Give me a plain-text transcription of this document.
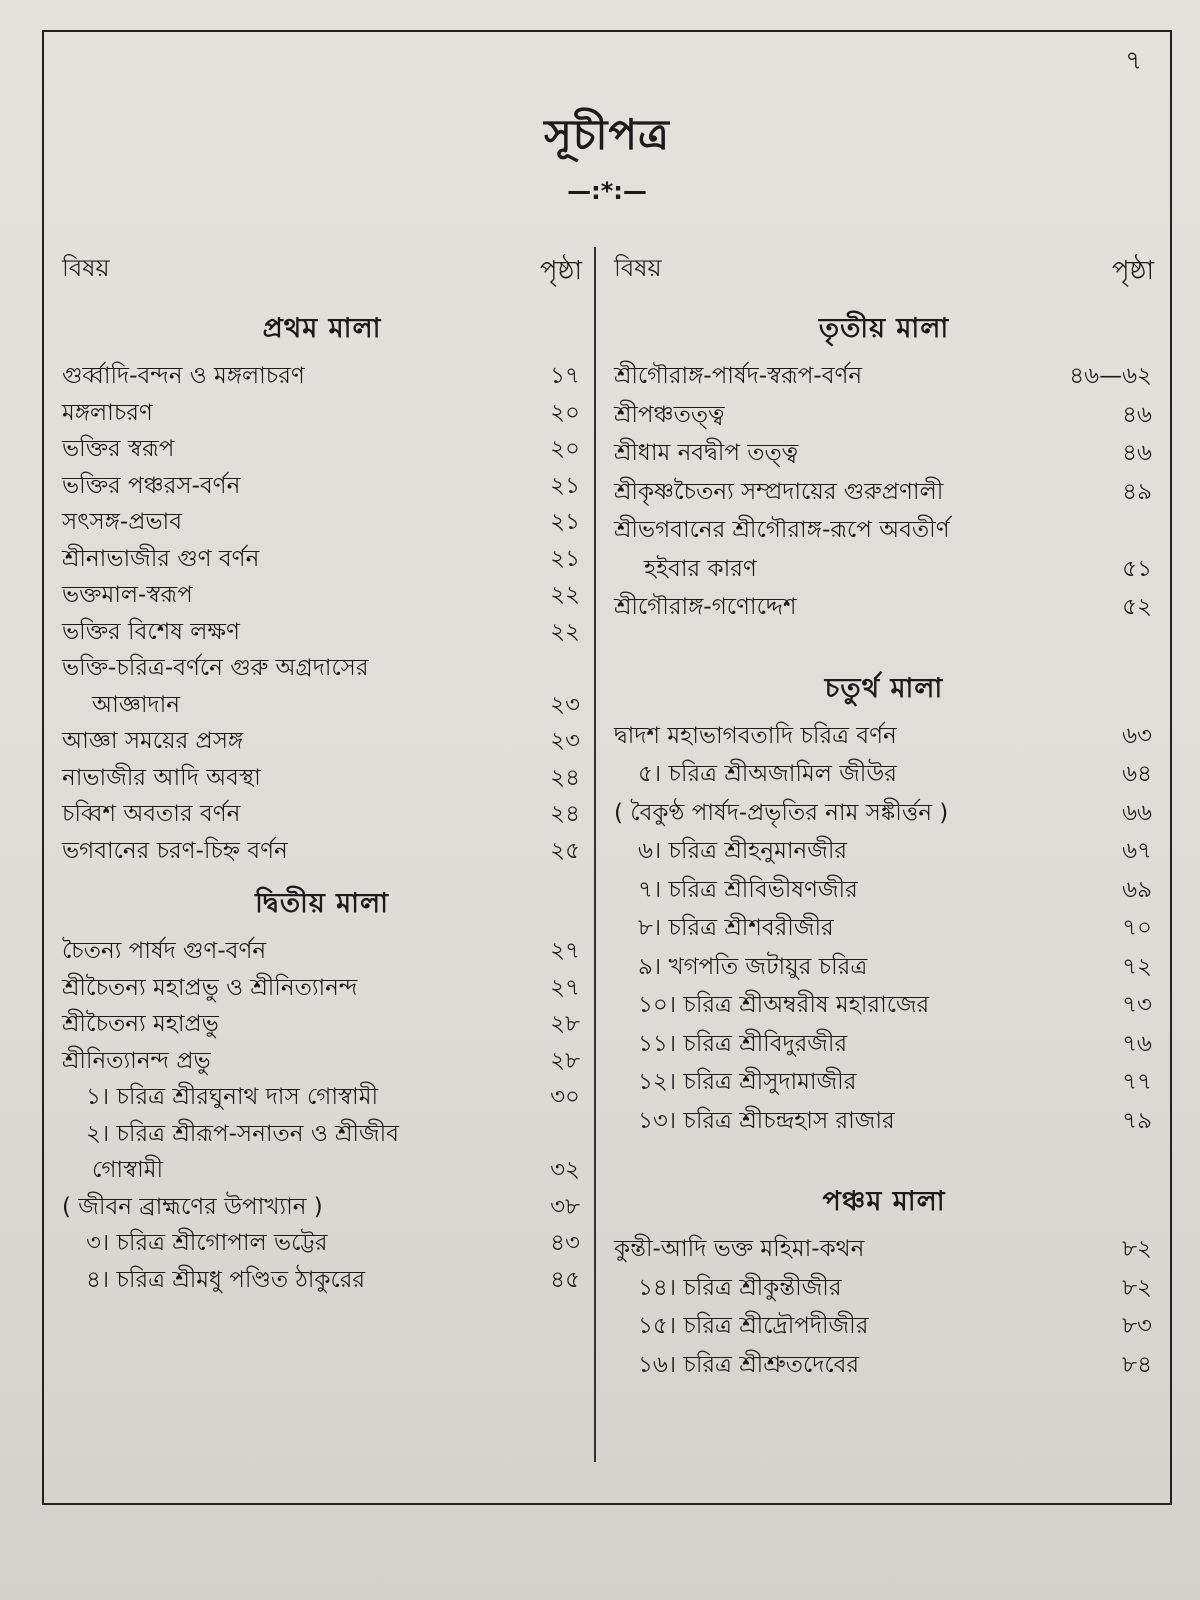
৭
সূচীপত্র
—:*:—
বিষয়	পৃষ্ঠা
প্রথম মালা
গুর্ব্বাদি-বন্দন ও মঙ্গলাচরণ	১৭
মঙ্গলাচরণ	২০
ভক্তির স্বরূপ	২০
ভক্তির পঞ্চরস-বর্ণন	২১
সৎসঙ্গ-প্রভাব	২১
শ্রীনাভাজীর গুণ বর্ণন	২১
ভক্তমাল-স্বরূপ	২২
ভক্তির বিশেষ লক্ষণ	২২
ভক্তি-চরিত্র-বর্ণনে গুরু অগ্রদাসের
আজ্ঞাদান	২৩
আজ্ঞা সময়ের প্রসঙ্গ	২৩
নাভাজীর আদি অবস্থা	২৪
চব্বিশ অবতার বর্ণন	২৪
ভগবানের চরণ-চিহ্ন বর্ণন	২৫
দ্বিতীয় মালা
চৈতন্য পার্ষদ গুণ-বর্ণন	২৭
শ্রীচৈতন্য মহাপ্রভু ও শ্রীনিত্যানন্দ	২৭
শ্রীচৈতন্য মহাপ্রভু	২৮
শ্রীনিত্যানন্দ প্রভু	২৮
১। চরিত্র শ্রীরঘুনাথ দাস গোস্বামী	৩০
২। চরিত্র শ্রীরূপ-সনাতন ও শ্রীজীব
গোস্বামী	৩২
( জীবন ব্রাহ্মণের উপাখ্যান )	৩৮
৩। চরিত্র শ্রীগোপাল ভট্টের	৪৩
৪। চরিত্র শ্রীমধু পণ্ডিত ঠাকুরের	৪৫
বিষয়	পৃষ্ঠা
তৃতীয় মালা
শ্রীগৌরাঙ্গ-পার্ষদ-স্বরূপ-বর্ণন	৪৬—৬২
শ্রীপঞ্চতত্ত্ব	৪৬
শ্রীধাম নবদ্বীপ তত্ত্ব	৪৬
শ্রীকৃষ্ণচৈতন্য সম্প্রদায়ের গুরুপ্রণালী	৪৯
শ্রীভগবানের শ্রীগৌরাঙ্গ-রূপে অবতীর্ণ
হইবার কারণ	৫১
শ্রীগৌরাঙ্গ-গণোদ্দেশ	৫২
চতুর্থ মালা
দ্বাদশ মহাভাগবতাদি চরিত্র বর্ণন	৬৩
৫। চরিত্র শ্রীঅজামিল জীউর	৬৪
( বৈকুণ্ঠ পার্ষদ-প্রভৃতির নাম সঙ্কীর্ত্তন )	৬৬
৬। চরিত্র শ্রীহনুমানজীর	৬৭
৭। চরিত্র শ্রীবিভীষণজীর	৬৯
৮। চরিত্র শ্রীশবরীজীর	৭০
৯। খগপতি জটায়ুর চরিত্র	৭২
১০। চরিত্র শ্রীঅম্বরীষ মহারাজের	৭৩
১১। চরিত্র শ্রীবিদুরজীর	৭৬
১২। চরিত্র শ্রীসুদামাজীর	৭৭
১৩। চরিত্র শ্রীচন্দ্রহাস রাজার	৭৯
পঞ্চম মালা
কুন্তী-আদি ভক্ত মহিমা-কথন	৮২
১৪। চরিত্র শ্রীকুন্তীজীর	৮২
১৫। চরিত্র শ্রীদ্রৌপদীজীর	৮৩
১৬। চরিত্র শ্রীশ্রুতদেবের	৮৪
